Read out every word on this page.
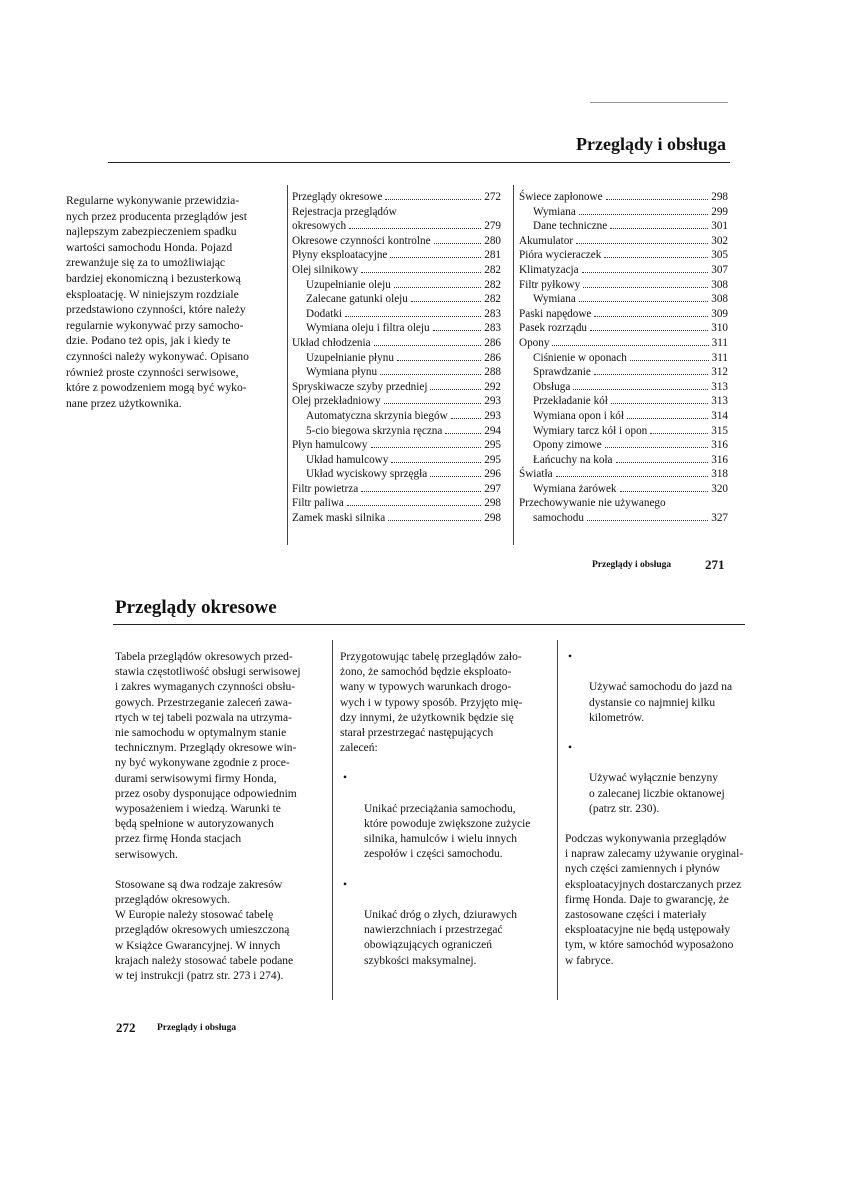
Przeglądy i obsługa
Regularne wykonywanie przewidzia-
nych przez producenta przeglądów jest
najlepszym zabezpieczeniem spadku
wartości samochodu Honda. Pojazd
zrewanżuje się za to umożliwiając
bardziej ekonomiczną i bezusterkową
eksploatację. W niniejszym rozdziale
przedstawiono czynności, które należy
regularnie wykonywać przy samocho-
dzie. Podano też opis, jak i kiedy te
czynności należy wykonywać. Opisano
również proste czynności serwisowe,
które z powodzeniem mogą być wyko-
nane przez użytkownika.
Przeglądy okresowe	272
Rejestracja przeglądów
okresowych	279
Okresowe czynności kontrolne	280
Płyny eksploatacyjne	281
Olej silnikowy	282
Uzupełnianie oleju	282
Zalecane gatunki oleju	282
Dodatki	283
Wymiana oleju i filtra oleju	283
Układ chłodzenia	286
Uzupełnianie płynu	286
Wymiana płynu	288
Spryskiwacze szyby przedniej	292
Olej przekładniowy	293
Automatyczna skrzynia biegów	293
5-cio biegowa skrzynia ręczna	294
Płyn hamulcowy	295
Układ hamulcowy	295
Układ wyciskowy sprzęgła	296
Filtr powietrza	297
Filtr paliwa	298
Zamek maski silnika	298
Świece zapłonowe	298
Wymiana	299
Dane techniczne	301
Akumulator	302
Pióra wycieraczek	305
Klimatyzacja	307
Filtr pyłkowy	308
Wymiana	308
Paski napędowe	309
Pasek rozrządu	310
Opony	311
Ciśnienie w oponach	311
Sprawdzanie	312
Obsługa	313
Przekładanie kół	313
Wymiana opon i kół	314
Wymiary tarcz kół i opon	315
Opony zimowe	316
Łańcuchy na koła	316
Światła	318
Wymiana żarówek	320
Przechowywanie nie używanego
samochodu	327
Przeglądy i obsługa	271
Przeglądy okresowe

Tabela przeglądów okresowych przed-
stawia częstotliwość obsługi serwisowej
i zakres wymaganych czynności obsłu-
gowych. Przestrzeganie zaleceń zawa-
rtych w tej tabeli pozwala na utrzyma-
nie samochodu w optymalnym stanie
technicznym. Przeglądy okresowe win-
ny być wykonywane zgodnie z proce-
durami serwisowymi firmy Honda,
przez osoby dysponujące odpowiednim
wyposażeniem i wiedzą. Warunki te
będą spełnione w autoryzowanych
przez firmę Honda stacjach
serwisowych.

Stosowane są dwa rodzaje zakresów
przeglądów okresowych.
W Europie należy stosować tabelę
przeglądów okresowych umieszczoną
w Książce Gwarancyjnej. W innych
krajach należy stosować tabele podane
w tej instrukcji (patrz str. 273 i 274).

Przygotowując tabelę przeglądów zało-
żono, że samochód będzie eksploato-
wany w typowych warunkach drogo-
wych i w typowy sposób. Przyjęto mię-
dzy innymi, że użytkownik będzie się
starał przestrzegać następujących
zaleceń:

•

Unikać przeciążania samochodu,
które powoduje zwiększone zużycie
silnika, hamulców i wielu innych
zespołów i części samochodu.

•

Unikać dróg o złych, dziurawych
nawierzchniach i przestrzegać
obowiązujących ograniczeń
szybkości maksymalnej.

•

Używać samochodu do jazd na
dystansie co najmniej kilku
kilometrów.

•

Używać wyłącznie benzyny
o zalecanej liczbie oktanowej
(patrz str. 230).

Podczas wykonywania przeglądów
i napraw zalecamy używanie oryginal-
nych części zamiennych i płynów
eksploatacyjnych dostarczanych przez
firmę Honda. Daje to gwarancję, że
zastosowane części i materiały
eksploatacyjne nie będą ustępowały
tym, w które samochód wyposażono
w fabryce.

272 Przeglądy i obsługa
